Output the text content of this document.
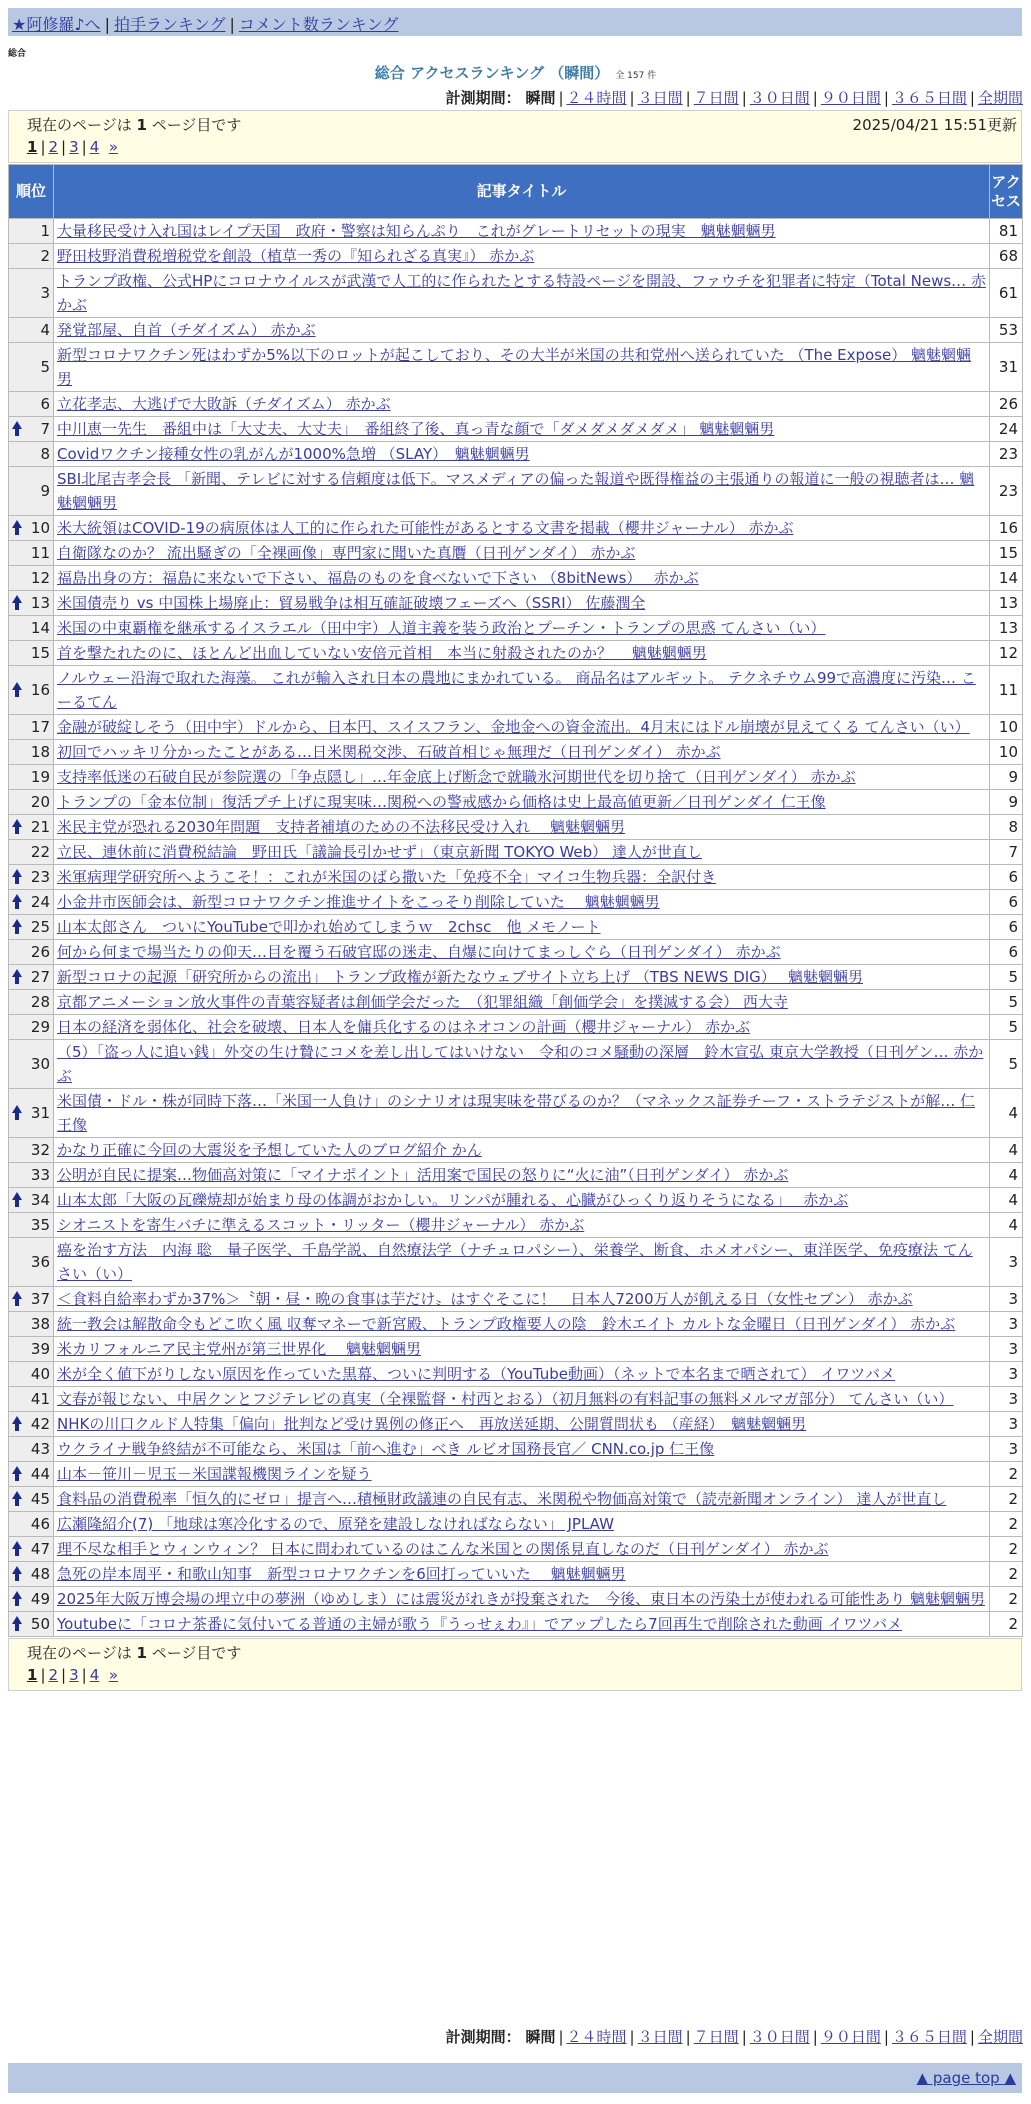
★阿修羅♪へ | 拍手ランキング | コメント数ランキング
総合
総合 アクセスランキング （瞬間） 全 157 件
計測期間： 瞬間 | ２４時間 | ３日間 | ７日間 | ３０日間 | ９０日間 | ３６５日間 | 全期間
現在のページは 1 ページ目です	2025/04/21 15:51更新
1 | 2 | 3 | 4 »
順位	記事タイトル	アクセス
1	大量移民受け入れ国はレイプ天国　政府・警察は知らんぷり　これがグレートリセットの現実　魑魅魍魎男	81
2	野田枝野消費税増税党を創設（植草一秀の『知られざる真実』） 赤かぶ	68
3	トランプ政権、公式HPにコロナウイルスが武漢で人工的に作られたとする特設ページを開設、ファウチを犯罪者に特定（Total News… 赤かぶ	61
4	発覚部屋、自首（チダイズム） 赤かぶ	53
5	新型コロナワクチン死はわずか5%以下のロットが起こしており、その大半が米国の共和党州へ送られていた （The Expose） 魑魅魍魎男	31
6	立花孝志、大逃げで大敗訴（チダイズム） 赤かぶ	26

7	中川恵一先生　番組中は「大丈夫、大丈夫」　番組終了後、真っ青な顔で「ダメダメダメダメ」 魑魅魍魎男	24
8	Covidワクチン接種女性の乳がんが1000%急増 （SLAY）　魑魅魍魎男	23
9	SBI北尾吉孝会長 「新聞、テレビに対する信頼度は低下。マスメディアの偏った報道や既得権益の主張通りの報道に一般の視聴者は… 魑魅魍魎男	23

10	米大統領はCOVID-19の病原体は人工的に作られた可能性があるとする文書を掲載（櫻井ジャーナル） 赤かぶ	16
11	自衛隊なのか？ 流出騒ぎの「全裸画像」専門家に聞いた真贋（日刊ゲンダイ） 赤かぶ	15
12	福島出身の方：福島に来ないで下さい、福島のものを食べないで下さい （8bitNews）　 赤かぶ	14

13	米国債売り vs 中国株上場廃止：貿易戦争は相互確証破壊フェーズへ（SSRI） 佐藤潤全	13
14	米国の中東覇権を継承するイスラエル（田中宇）人道主義を装う政治とプーチン・トランプの思惑 てんさい（い）	13
15	首を撃たれたのに、ほとんど出血していない安倍元首相　本当に射殺されたのか？　 魑魅魍魎男	12

16	ノルウェー沿海で取れた海藻。 これが輸入され日本の農地にまかれている。 商品名はアルギット。 テクネチウム99で高濃度に汚染… こーるてん	11
17	金融が破綻しそう（田中宇）ドルから、日本円、スイスフラン、金地金への資金流出。4月末にはドル崩壊が見えてくる てんさい（い）	10
18	初回でハッキリ分かったことがある…日米関税交渉、石破首相じゃ無理だ（日刊ゲンダイ） 赤かぶ	10
19	支持率低迷の石破自民が参院選の「争点隠し」…年金底上げ断念で就職氷河期世代を切り捨て（日刊ゲンダイ） 赤かぶ	9
20	トランプの「金本位制」復活プチ上げに現実味…関税への警戒感から価格は史上最高値更新／日刊ゲンダイ 仁王像	9

21	米民主党が恐れる2030年問題　支持者補填のための不法移民受け入れ　 魑魅魍魎男	8
22	立民、連休前に消費税結論　野田氏「議論長引かせず」（東京新聞 TOKYO Web） 達人が世直し	7

23	米軍病理学研究所へようこそ！：これが米国のばら撒いた「免疫不全」マイコ生物兵器：全訳付き	6

24	小金井市医師会は、新型コロナワクチン推進サイトをこっそり削除していた　 魑魅魍魎男	6

25	山本太郎さん　ついにYouTubeで叩かれ始めてしまうｗ　2chsc　他 メモノート	6
26	何から何まで場当たりの仰天…目を覆う石破官邸の迷走、自爆に向けてまっしぐら（日刊ゲンダイ） 赤かぶ	6

27	新型コロナの起源「研究所からの流出」 トランプ政権が新たなウェブサイト立ち上げ （TBS NEWS DIG）　 魑魅魍魎男	5
28	京都アニメーション放火事件の青葉容疑者は創価学会だった　（犯罪組織「創価学会」を撲滅する会） 西大寺	5
29	日本の経済を弱体化、社会を破壊、日本人を傭兵化するのはネオコンの計画（櫻井ジャーナル） 赤かぶ	5
30	（5）「盗っ人に追い銭」外交の生け贄にコメを差し出してはいけない　令和のコメ騒動の深層　鈴木宣弘 東京大学教授（日刊ゲン… 赤かぶ	5

31	米国債・ドル・株が同時下落…「米国一人負け」のシナリオは現実味を帯びるのか？（マネックス証券チーフ・ストラテジストが解… 仁王像	4
32	かなり正確に今回の大震災を予想していた人のブログ紹介 かん	4
33	公明が自民に提案…物価高対策に「マイナポイント」活用案で国民の怒りに“火に油”（日刊ゲンダイ） 赤かぶ	4

34	山本太郎「大阪の瓦礫焼却が始まり母の体調がおかしい。リンパが腫れる、心臓がひっくり返りそうになる」　 赤かぶ	4
35	シオニストを寄生バチに準えるスコット・リッター（櫻井ジャーナル） 赤かぶ	4
36	癌を治す方法　内海 聡　量子医学、千島学説、自然療法学（ナチュロパシー）、栄養学、断食、ホメオパシー、東洋医学、免疫療法 てんさい（い）	3

37	＜食料自給率わずか37%＞〝朝・昼・晩の食事は芋だけ〟はすぐそこに！　日本人7200万人が飢える日（女性セブン） 赤かぶ	3
38	統一教会は解散命令もどこ吹く風 収奪マネーで新宮殿、トランプ政権要人の陰　鈴木エイト カルトな金曜日（日刊ゲンダイ） 赤かぶ	3
39	米カリフォルニア民主党州が第三世界化　 魑魅魍魎男	3
40	米が全く値下がりしない原因を作っていた黒幕、ついに判明する（YouTube動画）（ネットで本名まで晒されて） イワツバメ	3
41	文春が報じない、中居クンとフジテレビの真実（全裸監督・村西とおる）（初月無料の有料記事の無料メルマガ部分） てんさい（い）	3

42	NHKの川口クルド人特集「偏向」批判など受け異例の修正へ　再放送延期、公開質問状も （産経）　魑魅魍魎男	3
43	ウクライナ戦争終結が不可能なら、米国は「前へ進む」べき ルビオ国務長官／ CNN.co.jp 仁王像	3

44	山本－笹川－児玉－米国諜報機関ラインを疑う	2

45	食料品の消費税率「恒久的にゼロ」提言へ…積極財政議連の自民有志、米関税や物価高対策で（読売新聞オンライン） 達人が世直し	2
46	広瀬隆紹介(7) 「地球は寒冷化するので、原発を建設しなければならない」 JPLAW	2

47	理不尽な相手とウィンウィン？ 日本に問われているのはこんな米国との関係見直しなのだ（日刊ゲンダイ） 赤かぶ	2

48	急死の岸本周平・和歌山知事　新型コロナワクチンを6回打っていいた　 魑魅魍魎男	2

49	2025年大阪万博会場の埋立中の夢洲（ゆめしま）には震災がれきが投棄された　今後、東日本の汚染土が使われる可能性あり 魑魅魍魎男	2

50	Youtubeに「コロナ茶番に気付いてる普通の主婦が歌う『うっせぇわ』」でアップしたら7回再生で削除された動画 イワツバメ	2
計測期間： 瞬間 | ２４時間 | ３日間 | ７日間 | ３０日間 | ９０日間 | ３６５日間 | 全期間
現在のページは 1 ページ目です
1 | 2 | 3 | 4 »
▲ page top ▲
